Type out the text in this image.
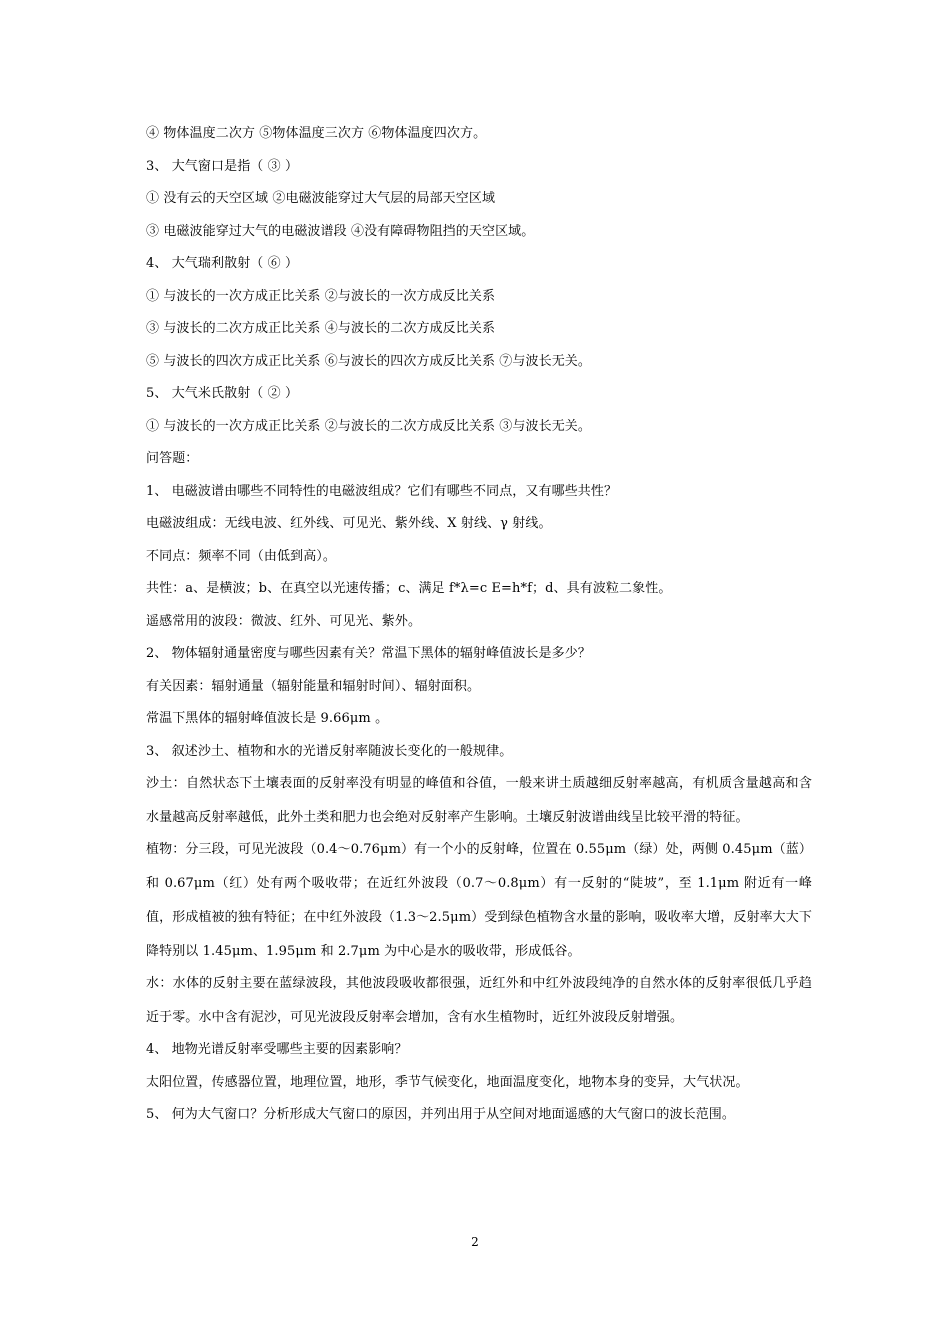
④ 物体温度二次方 ⑤物体温度三次方 ⑥物体温度四次方。
3、 大气窗口是指（ ③ ）
① 没有云的天空区域 ②电磁波能穿过大气层的局部天空区域
③ 电磁波能穿过大气的电磁波谱段 ④没有障碍物阻挡的天空区域。
4、 大气瑞利散射（ ⑥ ）
① 与波长的一次方成正比关系 ②与波长的一次方成反比关系
③ 与波长的二次方成正比关系 ④与波长的二次方成反比关系
⑤ 与波长的四次方成正比关系 ⑥与波长的四次方成反比关系 ⑦与波长无关。
5、 大气米氏散射（ ② ）
① 与波长的一次方成正比关系 ②与波长的二次方成反比关系 ③与波长无关。
问答题：
1、 电磁波谱由哪些不同特性的电磁波组成？它们有哪些不同点，又有哪些共性？
电磁波组成：无线电波、红外线、可见光、紫外线、X 射线、γ 射线。
不同点：频率不同（由低到高）。
共性：a、是横波；b、在真空以光速传播；c、满足 f*λ=c E=h*f；d、具有波粒二象性。
遥感常用的波段：微波、红外、可见光、紫外。
2、 物体辐射通量密度与哪些因素有关？常温下黑体的辐射峰值波长是多少？
有关因素：辐射通量（辐射能量和辐射时间）、辐射面积。
常温下黑体的辐射峰值波长是 9.66μm 。
3、 叙述沙土、植物和水的光谱反射率随波长变化的一般规律。
沙土：自然状态下土壤表面的反射率没有明显的峰值和谷值，一般来讲土质越细反射率越高，有机质含量越高和含水量越高反射率越低，此外土类和肥力也会绝对反射率产生影响。土壤反射波谱曲线呈比较平滑的特征。
植物：分三段，可见光波段（0.4～0.76μm）有一个小的反射峰，位置在 0.55μm（绿）处，两侧 0.45μm（蓝）和 0.67μm（红）处有两个吸收带；在近红外波段（0.7～0.8μm）有一反射的“陡坡”，至 1.1μm 附近有一峰值，形成植被的独有特征；在中红外波段（1.3～2.5μm）受到绿色植物含水量的影响，吸收率大增，反射率大大下降特别以 1.45μm、1.95μm 和 2.7μm 为中心是水的吸收带，形成低谷。
水：水体的反射主要在蓝绿波段，其他波段吸收都很强，近红外和中红外波段纯净的自然水体的反射率很低几乎趋近于零。水中含有泥沙，可见光波段反射率会增加，含有水生植物时，近红外波段反射增强。
4、 地物光谱反射率受哪些主要的因素影响？
太阳位置，传感器位置，地理位置，地形，季节气候变化，地面温度变化，地物本身的变异，大气状况。
5、 何为大气窗口？分析形成大气窗口的原因，并列出用于从空间对地面遥感的大气窗口的波长范围。
2
